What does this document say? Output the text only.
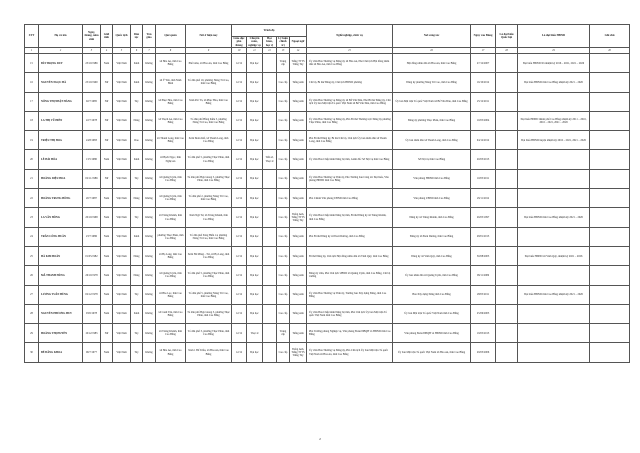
STT	Họ và tên	Ngày, tháng, năm sinh	Giới tính	Quốc tịch	Dân tộc	Tôn giáo	Quê quán	Nơi ở hiện nay	Trình độ					Nghề nghiệp, chức vụ	Nơi công tác	Ngày vào Đảng	Là đại biểu Quốc hội	Là đại biểu HĐND	Ghi chú
									Giáo dục phổ thông	Chuyên môn, nghiệp vụ	Học hàm, học vị	Lý luận chính trị	Ngoại ngữ						
1	2	3	4	5	6	7	8	9	10	11	12	13	14	15	16	17	18	19	20
15	BÙI TRỌNG DUY	23/10/1986	Nam	Việt Nam	Kinh	Không	xã Hòa An, tỉnh Cao Bằng	Phố Giản, xã Hòa An, tỉnh Cao Bằng	12/12	Đại học		Trung cấp	Tiếng TTTS Tiếng Tày	Ủy viên Ban Thường vụ Đảng ủy xã Hòa An, Phó Chủ tịch Hội đồng nhân dân xã Hòa An, tỉnh Cao Bằng	Hội đồng nhân dân xã Hòa An, tỉnh Cao Bằng	27/12/2007		Đại biểu HĐND Xã nhiệm kỳ 2016 – 2021, 2021 – 2026	
16	NGUYỄN NGỌC HÀ	25/10/1990	Nữ	Việt Nam	Kinh	Không	xã Ý Yên, tỉnh Ninh Bình	Tổ dân phố 10, phường Nùng Trí Cao, tỉnh Cao Bằng	12/12	Đại học		Cao cấp	Tiếng Anh	Chi bộ, Bí thư Đảng ủy, Chủ tịch HĐND phường	Đảng ủy phường Nùng Trí Cao, tỉnh Cao Bằng	16/10/2012		Đại biểu HĐND tỉnh Cao Bằng nhiệm kỳ 2021 – 2026	
17	NÔNG THỊ NHẬT HÀNG	02/7/1985	Nữ	Việt Nam	Tày	Không	xã Phục Hòa, tỉnh Cao Bằng	Xóm Pác Tà, xã Phục Hòa, tỉnh Cao Bằng	12/12	Đại học		Cao cấp	Tiếng Anh	Ủy viên Ban Thường vụ Đảng ủy xã Bế Văn Đàn, Phó Bí thư Đảng ủy, Chủ tịch Ủy ban Mặt trận Tổ quốc Việt Nam xã Bế Văn Đàn, tỉnh Cao Bằng	Ủy ban Mặt trận Tổ quốc Việt Nam xã Bế Văn Đàn, tỉnh Cao Bằng	25/12/2011			
18	LA THỊ VŨ HIỀN	22/7/1978	Nữ	Việt Nam	Nùng	Không	xã Thạch An, tỉnh Cao Bằng	Tổ dân phố Hồng Kiều 5, phường Nùng Trí Cao, tỉnh Cao Bằng	12/12	Đại học		Cao cấp	Tiếng Anh	Ủy viên Ban Thường vụ Đảng ủy, Phó Bí thư Thường trực Đảng ủy phường Thục Phán, tỉnh Cao Bằng	Đảng ủy phường Thục Phán, tỉnh Cao Bằng	10/05/2004		Đại biểu HĐND thành phố Cao Bằng nhiệm kỳ 2011 – 2016, 2016 – 2021, 2021 – 2026	
19	TRIỆU THỊ HOA	24/8/1983	Nữ	Việt Nam	Dao	Không	xã Thanh Long, tỉnh Cao Bằng	Xóm Đoàn Kết, xã Thanh Long, tỉnh Cao Bằng	12/12	Đại học		Cao cấp	Tiếng Anh	Phó Bí thư Đảng ủy, Bí thư Chi bộ, Chủ tịch Ủy ban nhân dân xã Thanh Long, tỉnh Cao Bằng	Ủy ban nhân dân xã Thanh Long, tỉnh Cao Bằng	04/12/2012		Đại biểu HĐND huyện nhiệm kỳ 2016 – 2021, 2021 – 2026	
20	LÊ HẢI HÒA	13/5/1980	Nam	Việt Nam	Kinh	Không	xã Bạch Ngọc, tỉnh Nghệ An	Tổ dân phố 5, phường Thục Phán, tỉnh Cao Bằng	12/12	Đại học	Tiến sĩ, Thạc sĩ	Cao cấp	Tiếng Anh	Ủy viên Ban Chấp hành Đảng bộ tỉnh, Giám đốc Sở Nội vụ tỉnh Cao Bằng	Sở Nội vụ tỉnh Cao Bằng	20/03/2013			
21	HOÀNG DIỆU HOA	02/11/1986	Nữ	Việt Nam	Tày	Không	xã Quảng Uyên, tỉnh Cao Bằng	Tổ dân phố Hợp Giang 5, phường Thục Phán, tỉnh Cao Bằng	12/12	Đại học		Cao cấp	Tiếng Anh	Ủy viên Ban Thường vụ Tỉnh ủy, Phó Trưởng ban Công tác Đại biểu, Văn phòng HĐND tỉnh Cao Bằng	Văn phòng HĐND tỉnh Cao Bằng	10/05/2011			
22	HOÀNG TRUNG HỒNG	20/7/1987	Nam	Việt Nam	Nùng	Không	xã Quảng Uyên, tỉnh Cao Bằng	Tổ dân phố 2, phường Nùng Trí Cao, tỉnh Cao Bằng	12/12	Đại học		Cao cấp	Tiếng Anh	Phó Chánh Văn phòng UBND tỉnh Cao Bằng	Văn phòng UBND tỉnh Cao Bằng	29/11/2012			
23	LA VĂN HỒNG	20/10/1968	Nam	Việt Nam	Tày	Không	xã Trùng Khánh, tỉnh Cao Bằng	Xóm Ngã Tư, xã Trùng Khánh, tỉnh Cao Bằng	12/12	Đại học		Cao cấp	Tiếng Anh, Tiếng TTTS Tiếng Tày	Ủy viên Ban Chấp hành Đảng bộ tỉnh, Bí thư Đảng ủy xã Trùng Khánh, tỉnh Cao Bằng	Đảng ủy xã Trùng Khánh, tỉnh Cao Bằng	26/05/1997		Đại biểu HĐND tỉnh Cao Bằng nhiệm kỳ 2021 – 2026	
24	TRẦN CÔNG HUÂN	23/7/1986	Nam	Việt Nam	Kinh	Không	phường Thục Phán, tỉnh Cao Bằng	Tổ dân phố Sông Hiến 14, phường Nùng Trí Cao, tỉnh Cao Bằng	12/12	Đại học		Cao cấp	Tiếng Anh	Phó Bí thư Đảng ủy xã Đoài Dương, tỉnh Cao Bằng	Đảng ủy xã Đoài Dương, tỉnh Cao Bằng	28/01/2013			
25	HÀ KIM HOÀN	01/05/1982	Nam	Việt Nam	Nùng	Không	xã Hạ Lang, tỉnh Cao Bằng	Xóm Hà Mông - Trà, xã Hạ Lang, tỉnh Cao Bằng	12/12	Đại học		Cao cấp	Tiếng Anh	Bí thư Đảng ủy, Chủ tịch Hội đồng nhân dân xã Vinh Quý, tỉnh Cao Bằng	Đảng ủy xã Vinh Quý, tỉnh Cao Bằng	30/08/2003		Đại biểu HĐND xã Vinh Quý, nhiệm kỳ 2021 – 2026	
26	MÃ THANH HÙNG	26/10/1978	Nam	Việt Nam	Nùng	Không	xã Quảng Uyên, tỉnh Cao Bằng	Tổ dân phố 5, phường Thục Phán, tỉnh Cao Bằng	12/12	Đại học		Cao cấp	Tiếng Anh	Đảng ủy viên, Phó Chủ tịch UBND xã Quảng Uyên, tỉnh Cao Bằng, Chi bộ trưởng	Ủy ban nhân dân xã Quảng Uyên, tỉnh Cao Bằng	09/11/2009			
27	LƯƠNG TUẤN HÙNG	02/12/1978	Nam	Việt Nam	Tày	Không	xã Bảo Lạc, tỉnh Cao Bằng	Tổ dân phố 5, phường Nùng Trí Cao, tỉnh Cao Bằng	12/12	Đại học		Cao cấp	Tiếng Anh	Ủy viên Ban Thường vụ Tỉnh ủy, Trưởng ban Xây dựng Đảng, tỉnh Cao Bằng	Ban Xây dựng Đảng tỉnh Cao Bằng	28/05/2011		Đại biểu HĐND tỉnh Cao Bằng nhiệm kỳ 2021 – 2026	
28	NGUYỄN PHƯƠNG HUY	03/6/1978	Nam	Việt Nam	Kinh	Không	xã Canh Tân, tỉnh Cao Bằng	Tổ dân phố Hợp Giang 3, phường Thục Phán, tỉnh Cao Bằng	12/12	Đại học		Cao cấp	Tiếng Anh	Ủy viên Ban Chấp hành Đảng bộ tỉnh, Phó Chủ tịch Ủy ban Mặt trận Tổ quốc Việt Nam tỉnh Cao Bằng	Ủy ban Mặt trận Tổ quốc Việt Nam tỉnh Cao Bằng	25/06/2003			
29	HOÀNG THỊ HUYỀN	10/12/1985	Nữ	Việt Nam	Tày	Không	xã Trùng Khánh, tỉnh Cao Bằng	Tổ dân phố 3, phường Thục Phán, tỉnh Cao Bằng	12/12	Thạc sĩ		Trung cấp	Tiếng Anh	Phó Trưởng phòng Nghiệp vụ, Văn phòng Đoàn ĐBQH và HĐND tỉnh Cao Bằng	Văn phòng Đoàn ĐBQH và HĐND tỉnh Cao Bằng	19/05/2013			
30	BẾ ĐĂNG KHOA	06/7/1977	Nam	Việt Nam	Tày	Không	xã Hòa An, tỉnh Cao Bằng	Xóm 1 Bế Triều, xã Hòa An, tỉnh Cao Bằng	12/12	Đại học		Cao cấp	Tiếng Anh, Tiếng TTTS Tiếng Tày	Ủy viên Ban Thường vụ Đảng ủy, Phó Chủ tịch Ủy ban Mặt trận Tổ quốc Việt Nam xã Hòa An, tỉnh Cao Bằng	Ủy ban Mặt trận Tổ quốc Việt Nam xã Hòa An, tỉnh Cao Bằng	29/03/2006			
2
